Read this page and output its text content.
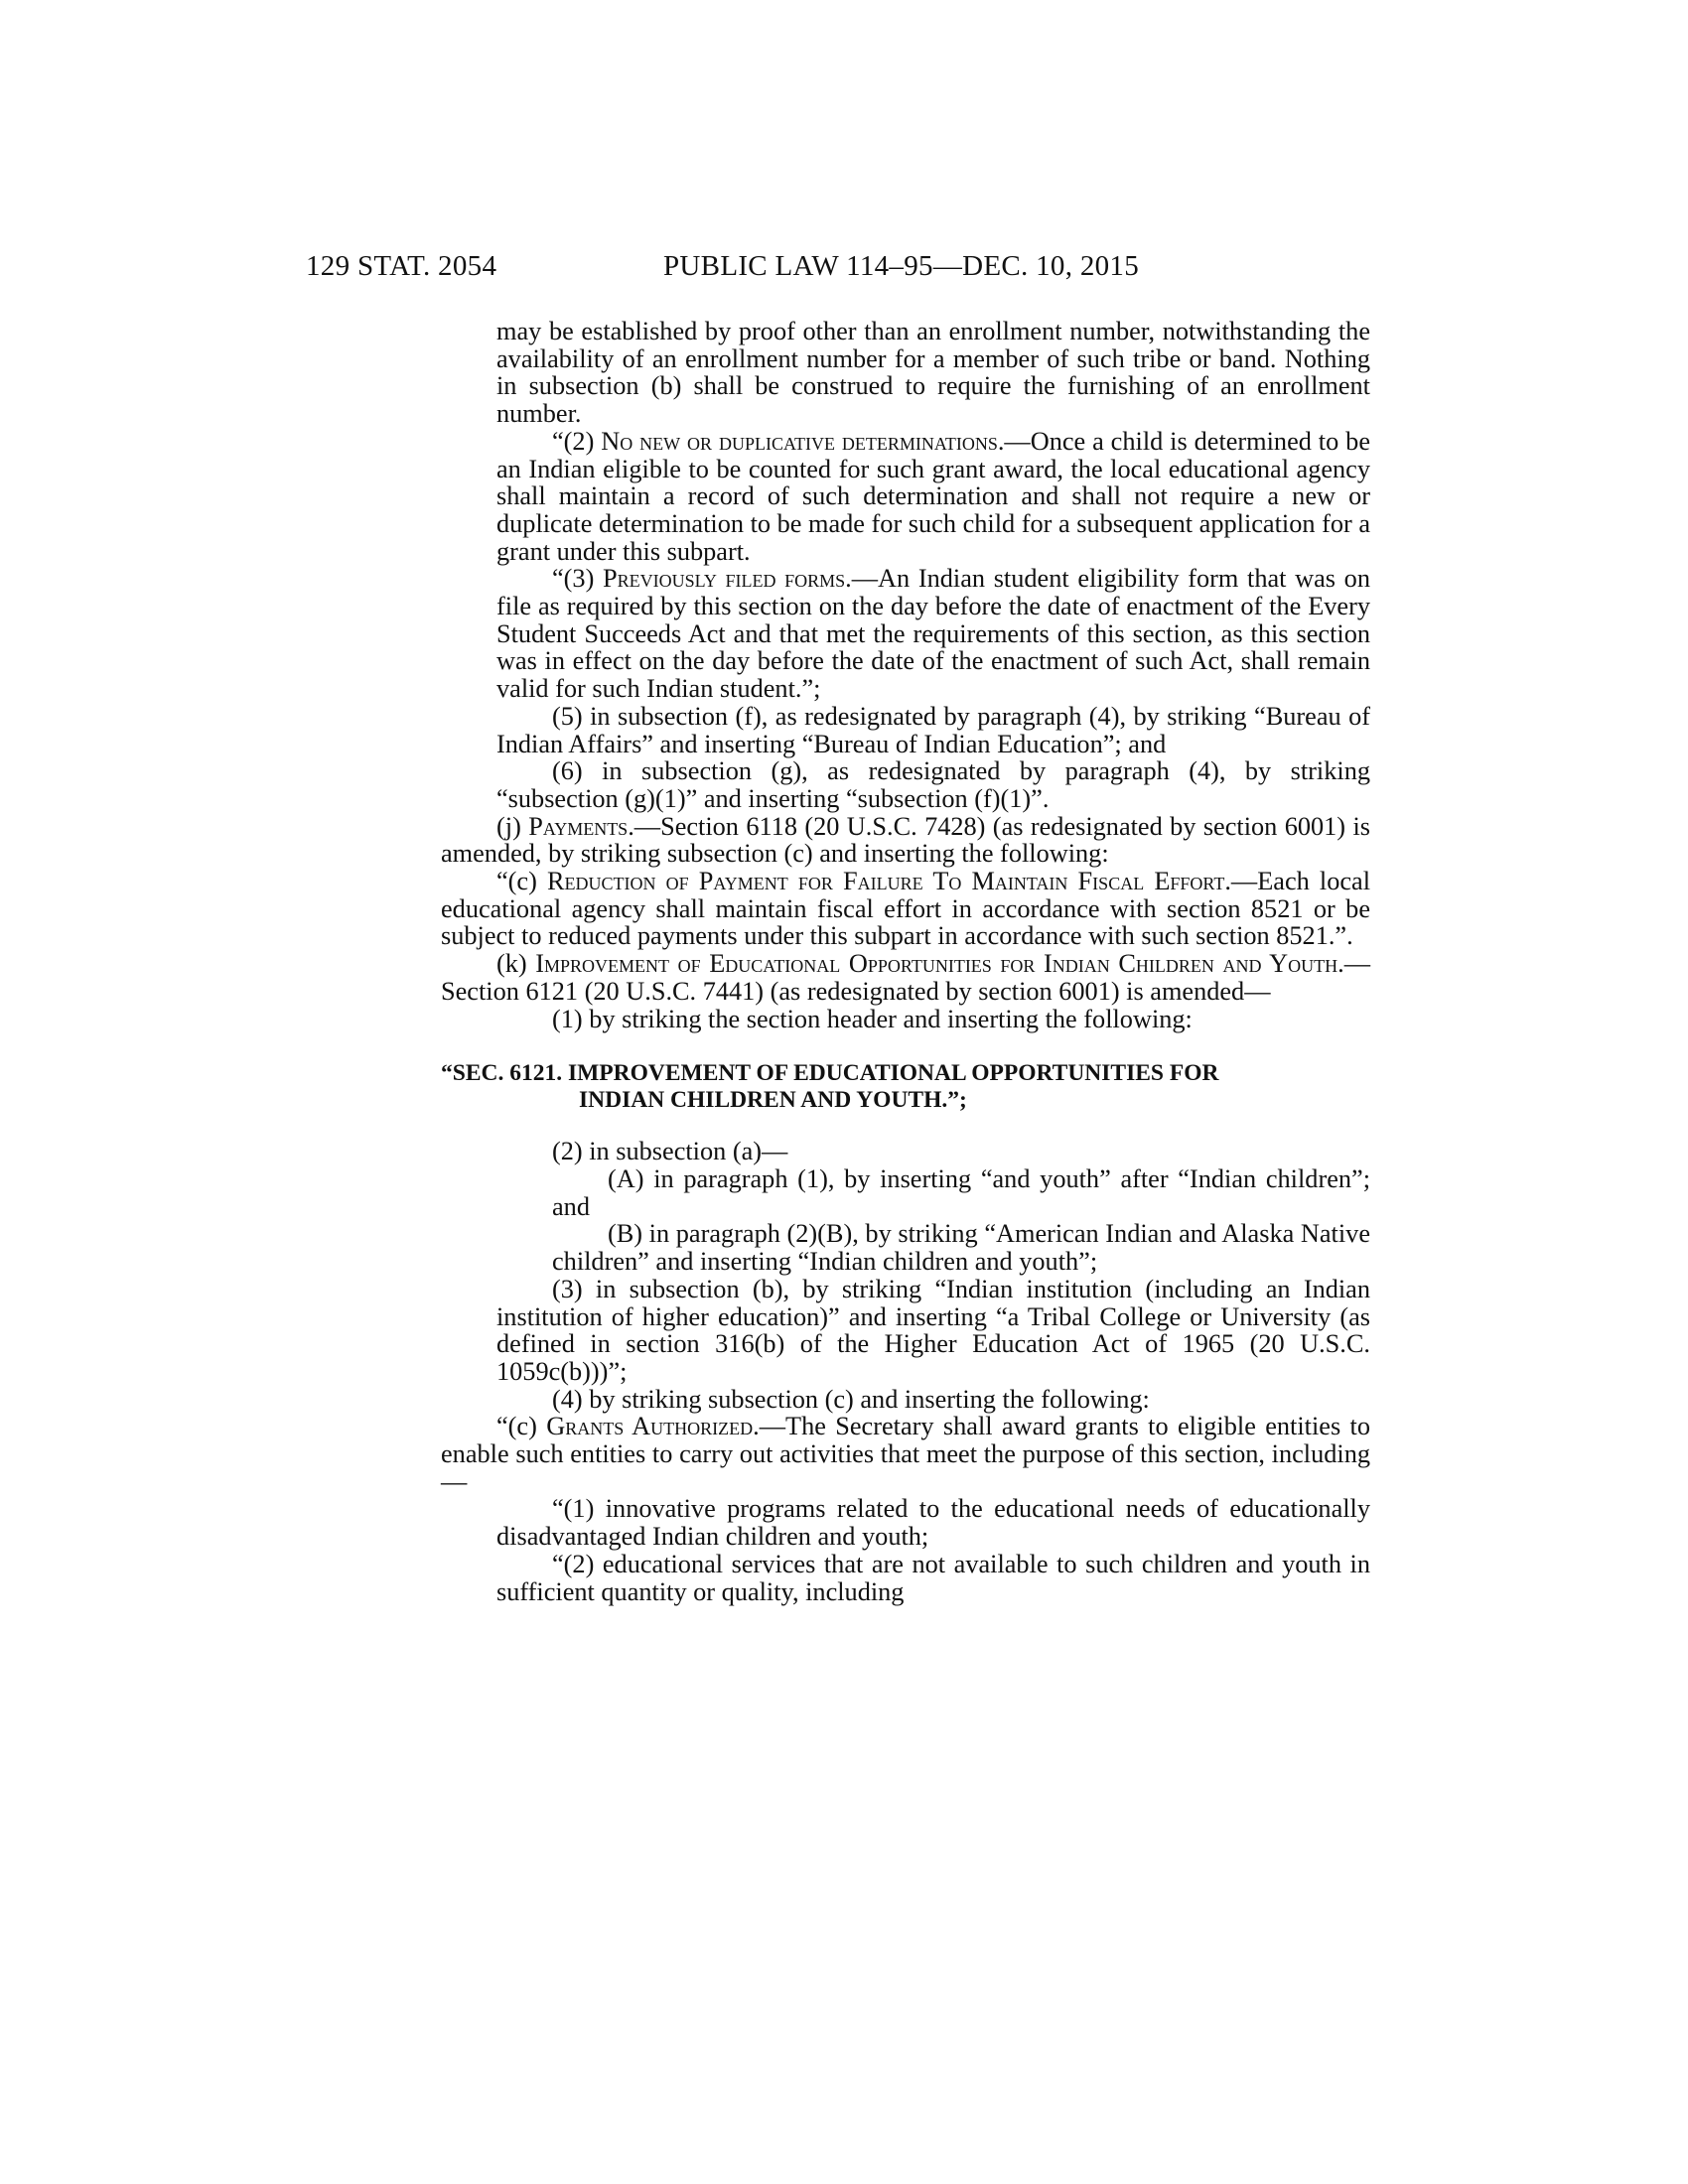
129 STAT. 2054	PUBLIC LAW 114–95—DEC. 10, 2015

may be established by proof other than an enrollment number, notwithstanding the availability of an enrollment number for a member of such tribe or band. Nothing in subsection (b) shall be construed to require the furnishing of an enrollment number.

“(2) No new or duplicative determinations.—Once a child is determined to be an Indian eligible to be counted for such grant award, the local educational agency shall maintain a record of such determination and shall not require a new or duplicate determination to be made for such child for a subsequent application for a grant under this subpart.

“(3) Previously filed forms.—An Indian student eligibility form that was on file as required by this section on the day before the date of enactment of the Every Student Succeeds Act and that met the requirements of this section, as this section was in effect on the day before the date of the enactment of such Act, shall remain valid for such Indian student.”;

(5) in subsection (f), as redesignated by paragraph (4), by striking “Bureau of Indian Affairs” and inserting “Bureau of Indian Education”; and

(6) in subsection (g), as redesignated by paragraph (4), by striking “subsection (g)(1)” and inserting “subsection (f)(1)”.

(j) Payments.—Section 6118 (20 U.S.C. 7428) (as redesignated by section 6001) is amended, by striking subsection (c) and inserting the following:

“(c) Reduction of Payment for Failure To Maintain Fiscal Effort.—Each local educational agency shall maintain fiscal effort in accordance with section 8521 or be subject to reduced payments under this subpart in accordance with such section 8521.”.

(k) Improvement of Educational Opportunities for Indian Children and Youth.—Section 6121 (20 U.S.C. 7441) (as redesignated by section 6001) is amended—

(1) by striking the section header and inserting the following:

“SEC. 6121. IMPROVEMENT OF EDUCATIONAL OPPORTUNITIES FOR
INDIAN CHILDREN AND YOUTH.”;

(2) in subsection (a)—

(A) in paragraph (1), by inserting “and youth” after “Indian children”; and

(B) in paragraph (2)(B), by striking “American Indian and Alaska Native children” and inserting “Indian children and youth”;

(3) in subsection (b), by striking “Indian institution (including an Indian institution of higher education)” and inserting “a Tribal College or University (as defined in section 316(b) of the Higher Education Act of 1965 (20 U.S.C. 1059c(b)))”;

(4) by striking subsection (c) and inserting the following:

“(c) Grants Authorized.—The Secretary shall award grants to eligible entities to enable such entities to carry out activities that meet the purpose of this section, including—

“(1) innovative programs related to the educational needs of educationally disadvantaged Indian children and youth;

“(2) educational services that are not available to such children and youth in sufficient quantity or quality, including
